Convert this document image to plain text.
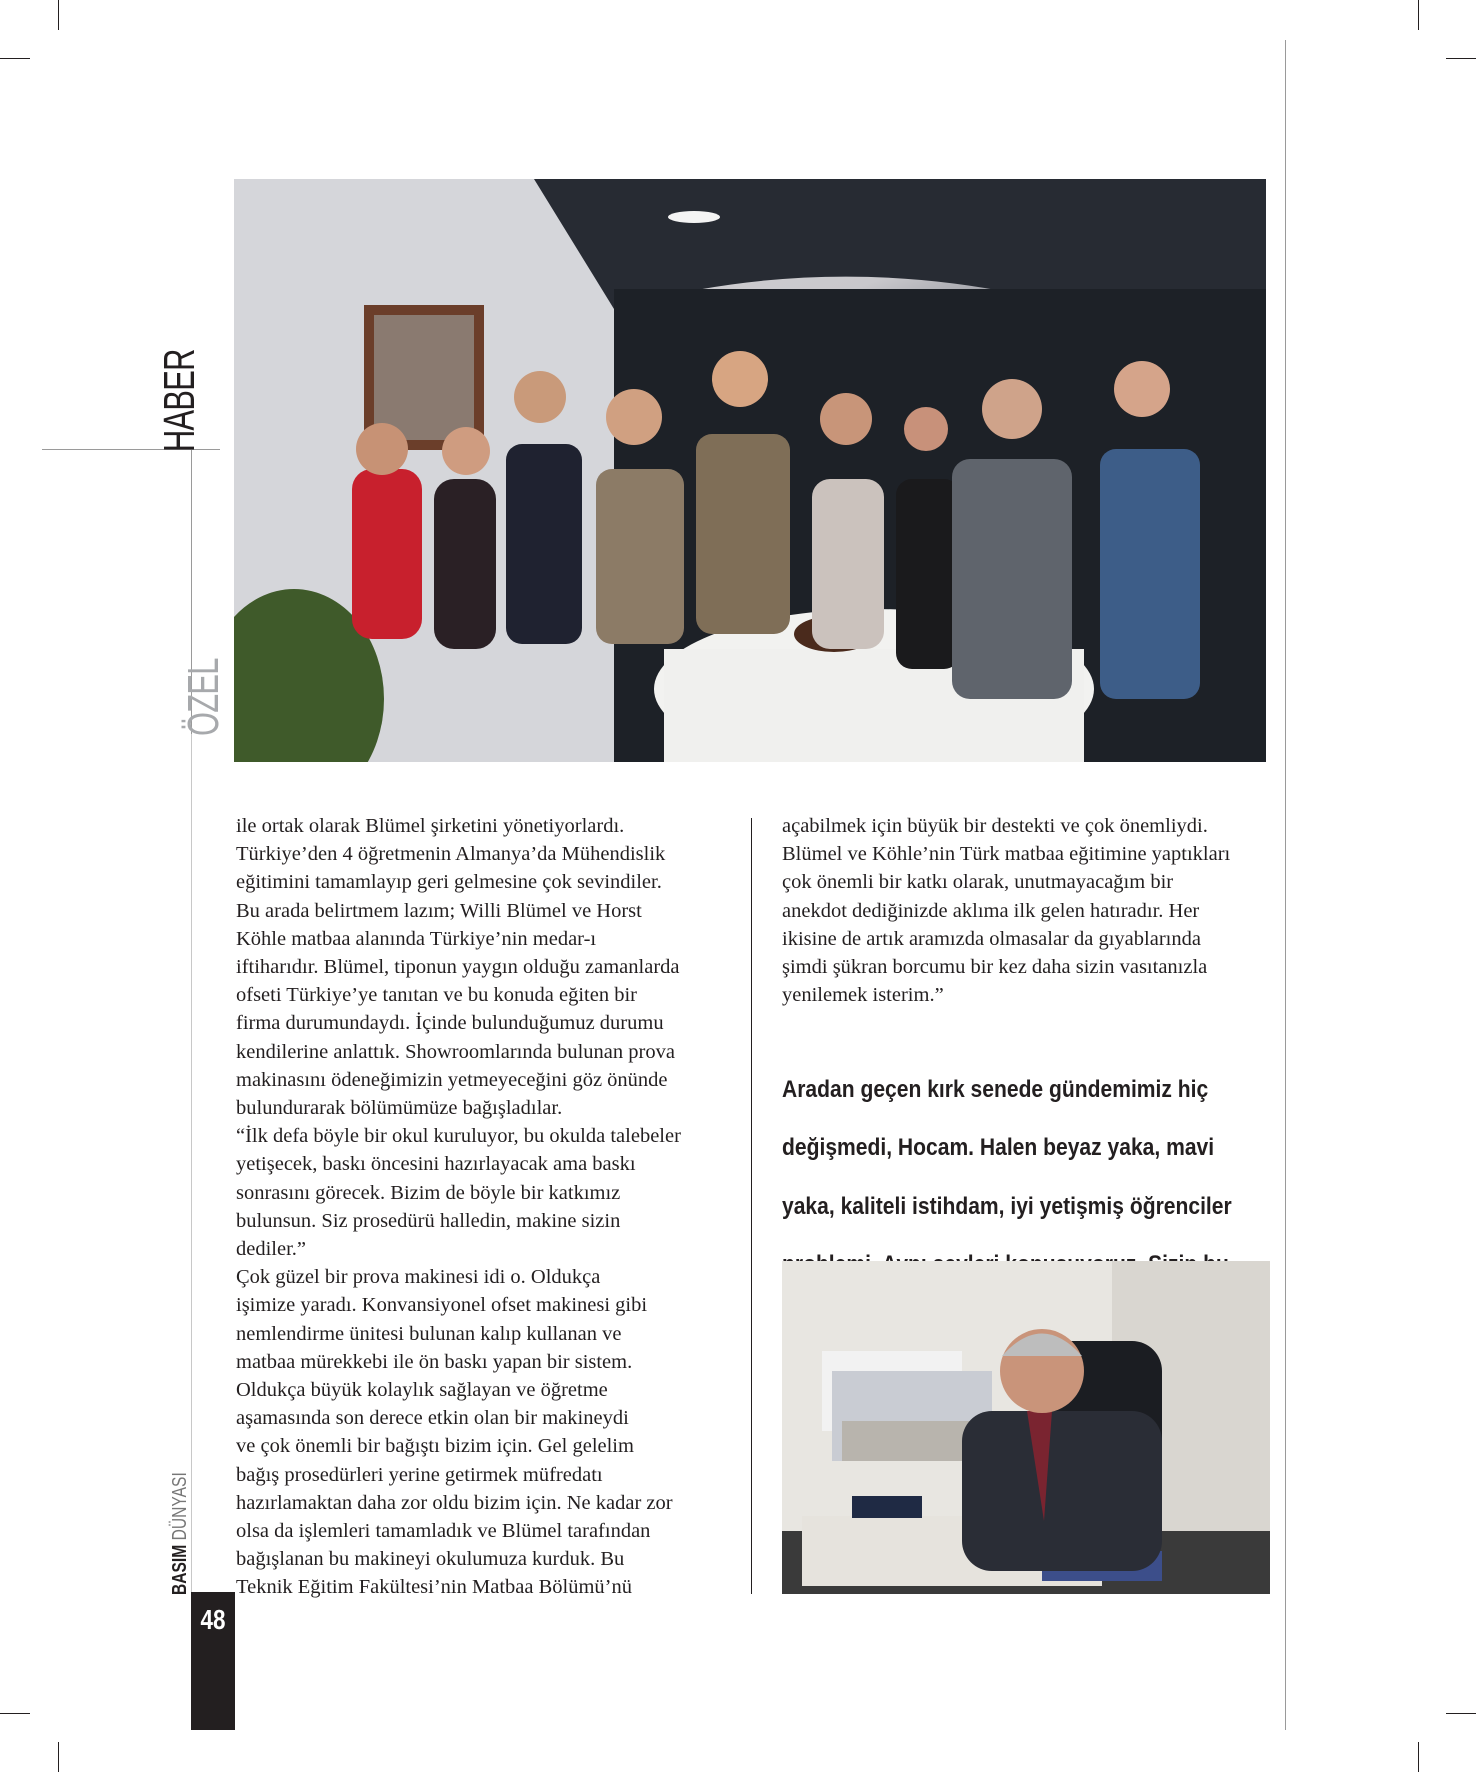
HABER
ÖZEL

ile ortak olarak Blümel şirketini yönetiyorlardı.

Türkiye’den 4 öğretmenin Almanya’da Mühendislik

eğitimini tamamlayıp geri gelmesine çok sevindiler.

Bu arada belirtmem lazım; Willi Blümel ve Horst

Köhle matbaa alanında Türkiye’nin medar-ı

iftiharıdır. Blümel, tiponun yaygın olduğu zamanlarda

ofseti Türkiye’ye tanıtan ve bu konuda eğiten bir

firma durumundaydı. İçinde bulunduğumuz durumu

kendilerine anlattık. Showroomlarında bulunan prova

makinasını ödeneğimizin yetmeyeceğini göz önünde

bulundurarak bölümümüze bağışladılar.

“İlk defa böyle bir okul kuruluyor, bu okulda talebeler

yetişecek, baskı öncesini hazırlayacak ama baskı

sonrasını görecek. Bizim de böyle bir katkımız

bulunsun. Siz prosedürü halledin, makine sizin

dediler.”

Çok güzel bir prova makinesi idi o. Oldukça

işimize yaradı. Konvansiyonel ofset makinesi gibi

nemlendirme ünitesi bulunan kalıp kullanan ve

matbaa mürekkebi ile ön baskı yapan bir sistem.

Oldukça büyük kolaylık sağlayan ve öğretme

aşamasında son derece etkin olan bir makineydi

ve çok önemli bir bağıştı bizim için. Gel gelelim

bağış prosedürleri yerine getirmek müfredatı

hazırlamaktan daha zor oldu bizim için. Ne kadar zor

olsa da işlemleri tamamladık ve Blümel tarafından

bağışlanan bu makineyi okulumuza kurduk. Bu

Teknik Eğitim Fakültesi’nin Matbaa Bölümü’nü

açabilmek için büyük bir destekti ve çok önemliydi.

Blümel ve Köhle’nin Türk matbaa eğitimine yaptıkları

çok önemli bir katkı olarak, unutmayacağım bir

anekdot dediğinizde aklıma ilk gelen hatıradır. Her

ikisine de artık aramızda olmasalar da gıyablarında

şimdi şükran borcumu bir kez daha sizin vasıtanızla

yenilemek isterim.”

Aradan geçen kırk senede gündemimiz hiç

değişmedi, Hocam. Halen beyaz yaka, mavi

yaka, kaliteli istihdam, iyi yetişmiş öğrenciler

BASIM DÜNYASI
48
